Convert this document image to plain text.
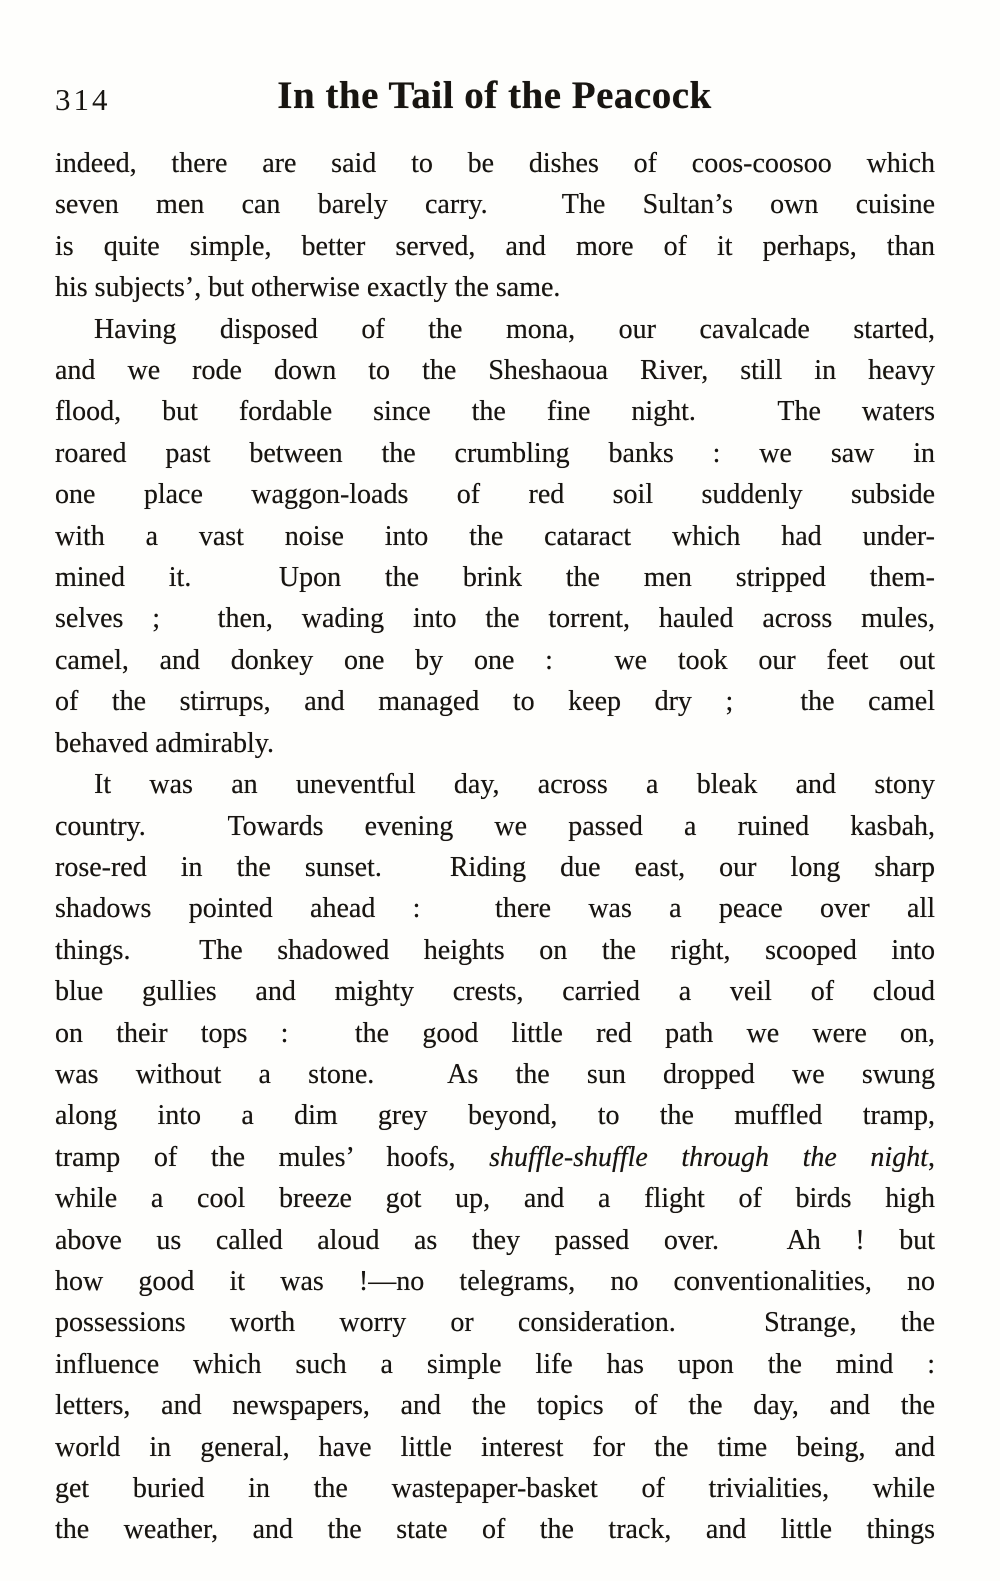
314	In the Tail of the Peacock
indeed, there are said to be dishes of coos-coosoo which
seven men can barely carry.  The Sultan’s own cuisine
is quite simple, better served, and more of it perhaps, than
his subjects’, but otherwise exactly the same.
Having disposed of the mona, our cavalcade started,
and we rode down to the Sheshaoua River, still in heavy
flood, but fordable since the fine night.  The waters
roared past between the crumbling banks : we saw in
one place waggon-loads of red soil suddenly subside
with a vast noise into the cataract which had under-
mined it.  Upon the brink the men stripped them-
selves ;  then, wading into the torrent, hauled across mules,
camel, and donkey one by one :  we took our feet out
of the stirrups, and managed to keep dry ;  the camel
behaved admirably.
It was an uneventful day, across a bleak and stony
country.  Towards evening we passed a ruined kasbah,
rose-red in the sunset.  Riding due east, our long sharp
shadows pointed ahead :  there was a peace over all
things.  The shadowed heights on the right, scooped into
blue gullies and mighty crests, carried a veil of cloud
on their tops :  the good little red path we were on,
was without a stone.  As the sun dropped we swung
along into a dim grey beyond, to the muffled tramp,
tramp of the mules’ hoofs, shuffle-shuffle through the night,
while a cool breeze got up, and a flight of birds high
above us called aloud as they passed over.  Ah ! but
how good it was !—no telegrams, no conventionalities, no
possessions worth worry or consideration.  Strange, the
influence which such a simple life has upon the mind :
letters, and newspapers, and the topics of the day, and the
world in general, have little interest for the time being, and
get buried in the wastepaper-basket of trivialities, while
the weather, and the state of the track, and little things
